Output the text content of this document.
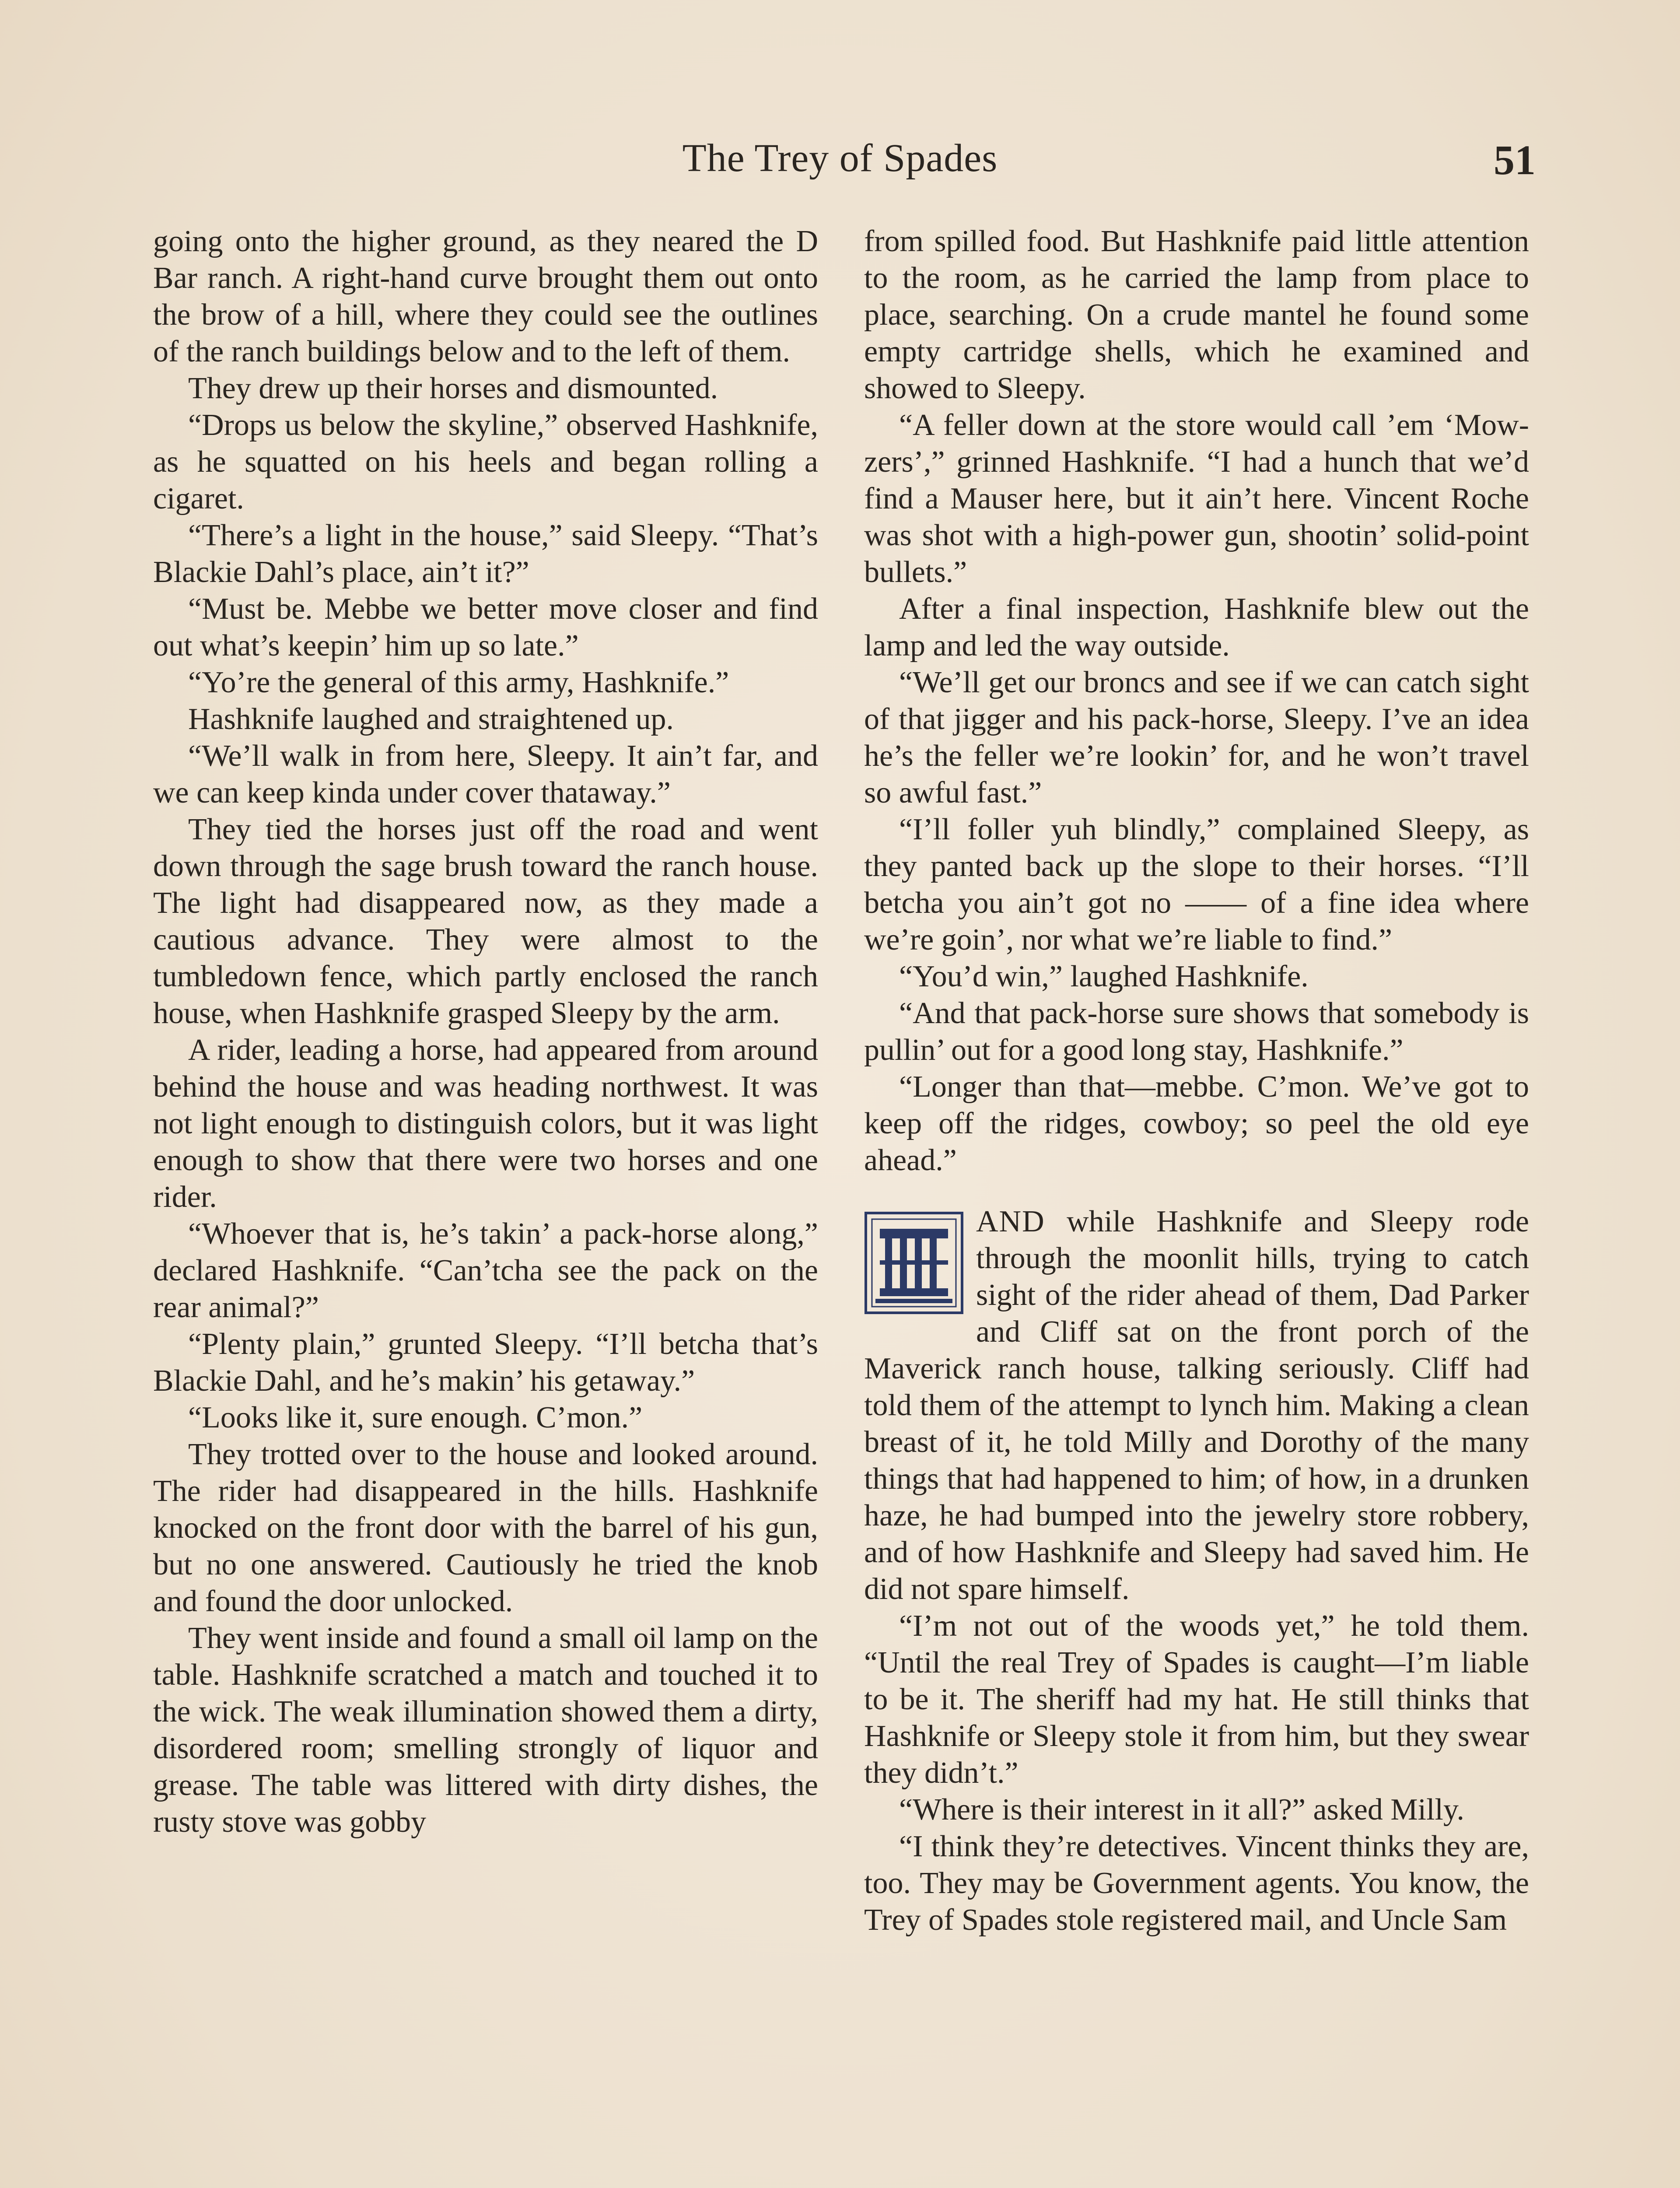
The Trey of Spades	51

going onto the higher ground, as they neared the D Bar ranch. A right-hand curve brought them out onto the brow of a hill, where they could see the outlines of the ranch buildings below and to the left of them.

They drew up their horses and dismounted.

“Drops us below the skyline,” observed Hashknife, as he squatted on his heels and began rolling a cigaret.

“There’s a light in the house,” said Sleepy. “That’s Blackie Dahl’s place, ain’t it?”

“Must be. Mebbe we better move closer and find out what’s keepin’ him up so late.”

“Yo’re the general of this army, Hashknife.”

Hashknife laughed and straightened up.

“We’ll walk in from here, Sleepy. It ain’t far, and we can keep kinda under cover thataway.”

They tied the horses just off the road and went down through the sage brush toward the ranch house. The light had disappeared now, as they made a cautious advance. They were almost to the tumbledown fence, which partly enclosed the ranch house, when Hashknife grasped Sleepy by the arm.

A rider, leading a horse, had appeared from around behind the house and was heading northwest. It was not light enough to distinguish colors, but it was light enough to show that there were two horses and one rider.

“Whoever that is, he’s takin’ a pack-horse along,” declared Hashknife. “Can’tcha see the pack on the rear animal?”

“Plenty plain,” grunted Sleepy. “I’ll betcha that’s Blackie Dahl, and he’s makin’ his getaway.”

“Looks like it, sure enough. C’mon.”

They trotted over to the house and looked around. The rider had disappeared in the hills. Hashknife knocked on the front door with the barrel of his gun, but no one answered. Cautiously he tried the knob and found the door unlocked.

They went inside and found a small oil lamp on the table. Hashknife scratched a match and touched it to the wick. The weak illumination showed them a dirty, disordered room; smelling strongly of liquor and grease. The table was littered with dirty dishes, the rusty stove was gobby

from spilled food. But Hashknife paid little attention to the room, as he carried the lamp from place to place, searching. On a crude mantel he found some empty cartridge shells, which he examined and showed to Sleepy.

“A feller down at the store would call ’em ‘Mow-zers’,” grinned Hashknife. “I had a hunch that we’d find a Mauser here, but it ain’t here. Vincent Roche was shot with a high-power gun, shootin’ solid-point bullets.”

After a final inspection, Hashknife blew out the lamp and led the way outside.

“We’ll get our broncs and see if we can catch sight of that jigger and his pack-horse, Sleepy. I’ve an idea he’s the feller we’re lookin’ for, and he won’t travel so awful fast.”

“I’ll foller yuh blindly,” complained Sleepy, as they panted back up the slope to their horses. “I’ll betcha you ain’t got no —— of a fine idea where we’re goin’, nor what we’re liable to find.”

“You’d win,” laughed Hashknife.

“And that pack-horse sure shows that somebody is pullin’ out for a good long stay, Hashknife.”

“Longer than that—mebbe. C’mon. We’ve got to keep off the ridges, cowboy; so peel the old eye ahead.”

AND while Hashknife and Sleepy rode through the moonlit hills, trying to catch sight of the rider ahead of them, Dad Parker and Cliff sat on the front porch of the Maverick ranch house, talking seriously. Cliff had told them of the attempt to lynch him. Making a clean breast of it, he told Milly and Dorothy of the many things that had happened to him; of how, in a drunken haze, he had bumped into the jewelry store robbery, and of how Hashknife and Sleepy had saved him. He did not spare himself.

“I’m not out of the woods yet,” he told them. “Until the real Trey of Spades is caught—I’m liable to be it. The sheriff had my hat. He still thinks that Hashknife or Sleepy stole it from him, but they swear they didn’t.”

“Where is their interest in it all?” asked Milly.

“I think they’re detectives. Vincent thinks they are, too. They may be Government agents. You know, the Trey of Spades stole registered mail, and Uncle Sam
